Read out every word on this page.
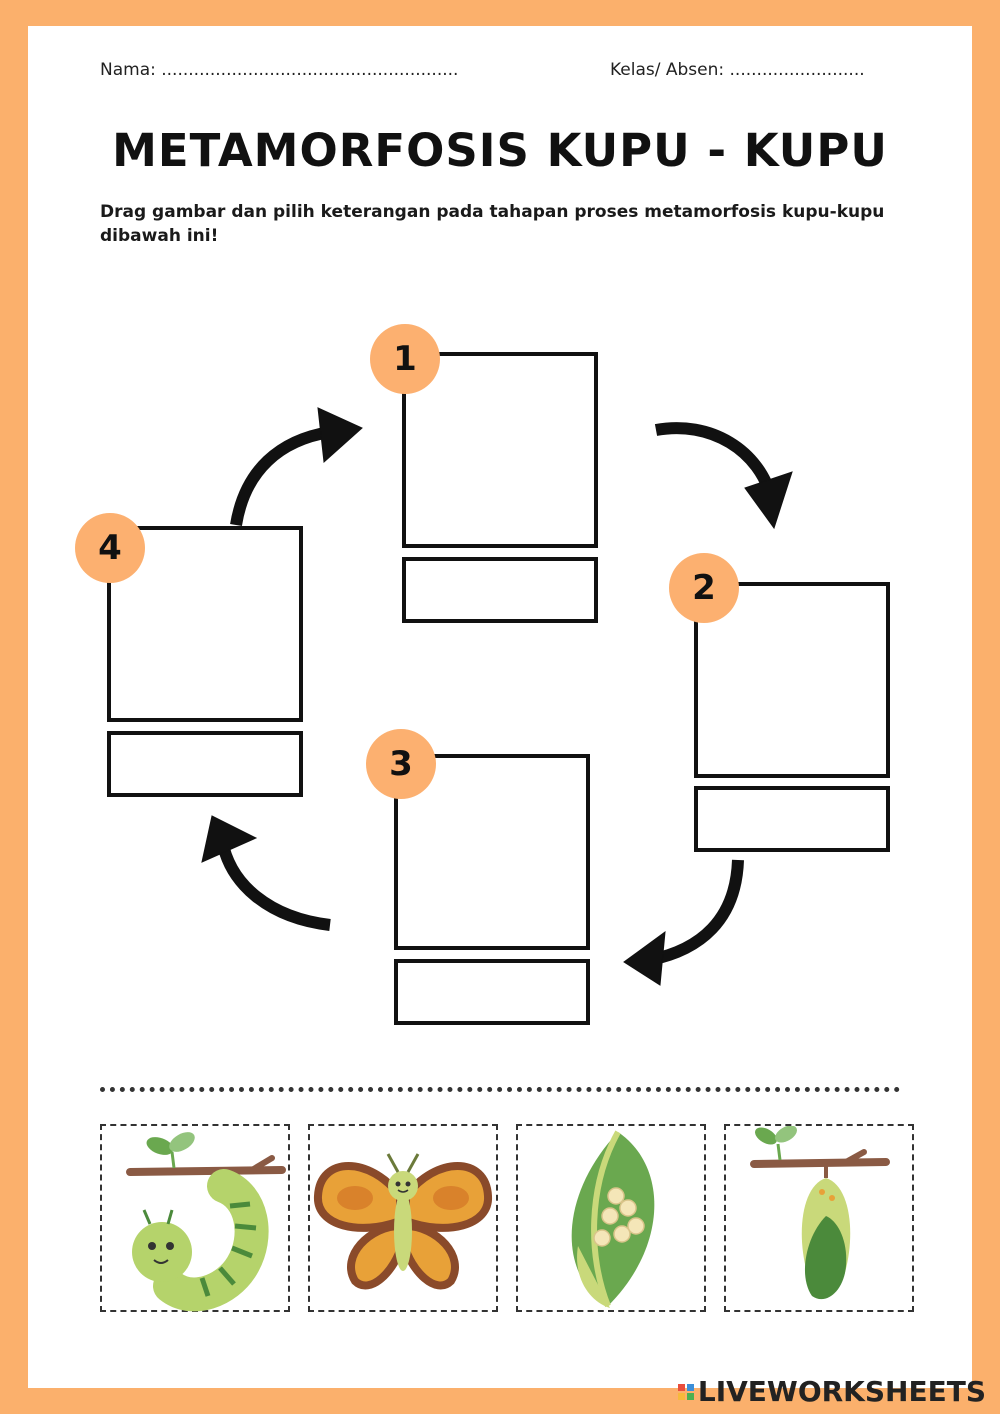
Nama: .......................................................	Kelas/ Absen: .........................
METAMORFOSIS KUPU - KUPU
Drag gambar dan pilih keterangan pada tahapan proses metamorfosis kupu-kupu dibawah ini!
1
2
3
4
LIVEWORKSHEETS
